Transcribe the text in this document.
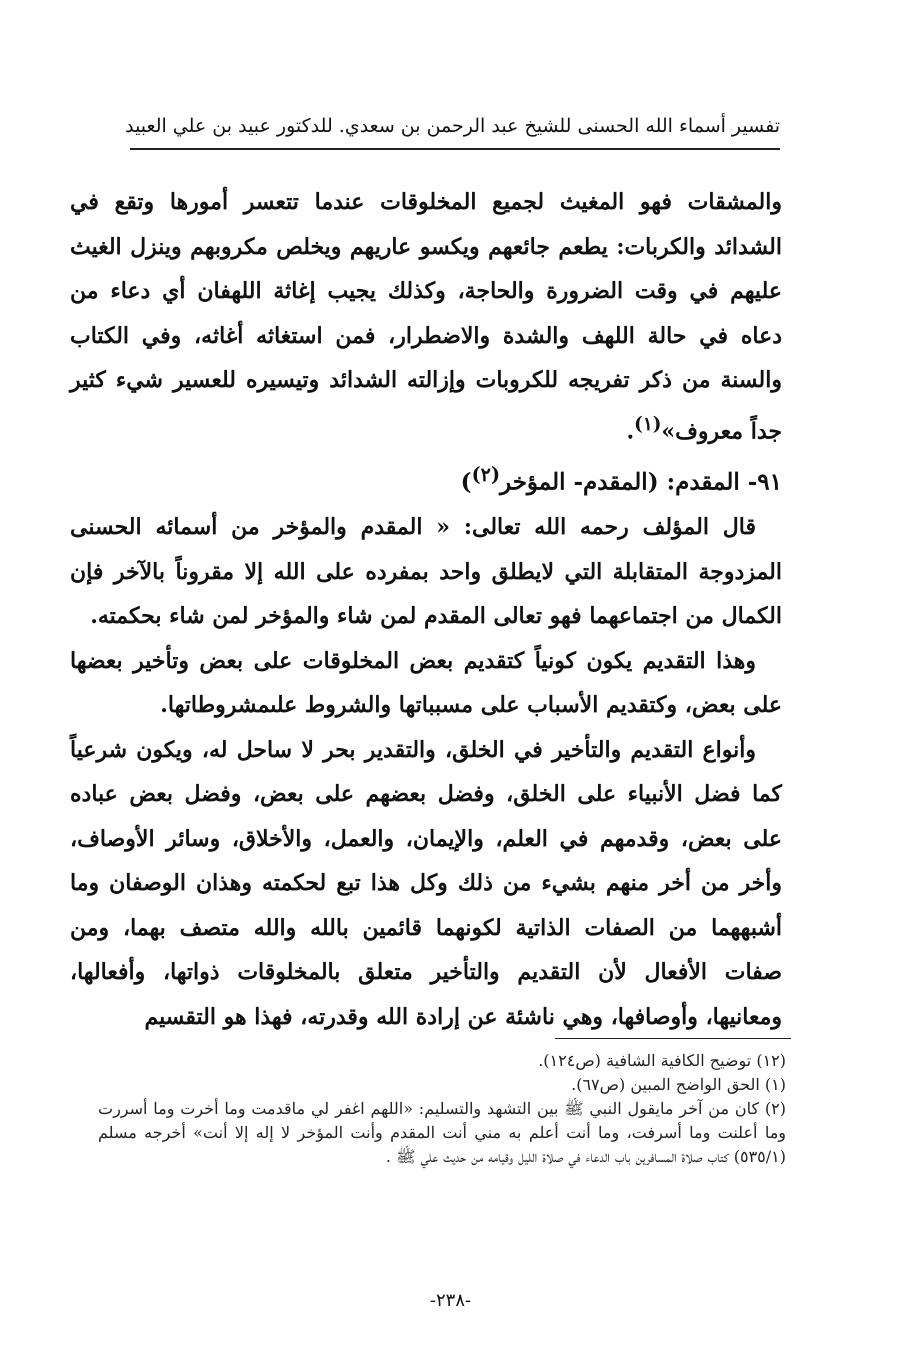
تفسير أسماء الله الحسنى للشيخ عبد الرحمن بن سعدي. للدكتور عبيد بن علي العبيد

والمشقات فهو المغيث لجميع المخلوقات عندما تتعسر أمورها وتقع في الشدائد والكربات: يطعم جائعهم ويكسو عاريهم ويخلص مكروبهم وينزل الغيث عليهم في وقت الضرورة والحاجة، وكذلك يجيب إغاثة اللهفان أي دعاء من دعاه في حالة اللهف والشدة والاضطرار، فمن استغاثه أغاثه، وفي الكتاب والسنة من ذكر تفريجه للكروبات وإزالته الشدائد وتيسيره للعسير شيء كثير جداً معروف»$^{(١)}$.

٩١- المقدم: (المقدم- المؤخر$^{(٢)}$)

قال المؤلف رحمه الله تعالى: « المقدم والمؤخر من أسمائه الحسنى المزدوجة المتقابلة التي لايطلق واحد بمفرده على الله إلا مقروناً بالآخر فإن الكمال من اجتماعهما فهو تعالى المقدم لمن شاء والمؤخر لمن شاء بحكمته.

وهذا التقديم يكون كونياً كتقديم بعض المخلوقات على بعض وتأخير بعضها على بعض، وكتقديم الأسباب على مسبباتها والشروط علىمشروطاتها.

وأنواع التقديم والتأخير في الخلق، والتقدير بحر لا ساحل له، ويكون شرعياً كما فضل الأنبياء على الخلق، وفضل بعضهم على بعض، وفضل بعض عباده على بعض، وقدمهم في العلم، والإيمان، والعمل، والأخلاق، وسائر الأوصاف، وأخر من أخر منهم بشيء من ذلك وكل هذا تبع لحكمته وهذان الوصفان وما أشبههما من الصفات الذاتية لكونهما قائمين بالله والله متصف بهما، ومن صفات الأفعال لأن التقديم والتأخير متعلق بالمخلوقات ذواتها، وأفعالها، ومعانيها، وأوصافها، وهي ناشئة عن إرادة الله وقدرته، فهذا هو التقسيم

(١٢) توضيح الكافية الشافية (ص١٢٤).

(١) الحق الواضح المبين (ص٦٧).

(٢) كان من آخر مايقول النبي ﷺ بين التشهد والتسليم: «اللهم اغفر لي ماقدمت وما أخرت وما أسررت وما أعلنت وما أسرفت، وما أنت أعلم به مني أنت المقدم وأنت المؤخر لا إله إلا أنت» أخرجه مسلم (٥٣٥/١) كتاب صلاة المسافرين باب الدعاء في صلاة الليل وقيامه من حديث علي ﷺ .

-٢٣٨-
